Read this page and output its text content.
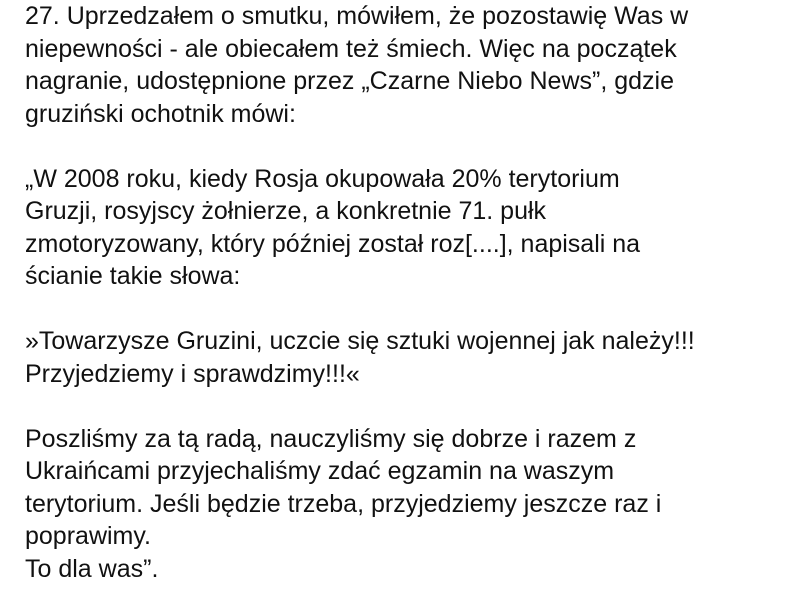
27. Uprzedzałem o smutku, mówiłem, że pozostawię Was w
niepewności - ale obiecałem też śmiech. Więc na początek
nagranie, udostępnione przez „Czarne Niebo News”, gdzie
gruziński ochotnik mówi:
„W 2008 roku, kiedy Rosja okupowała 20% terytorium
Gruzji, rosyjscy żołnierze, a konkretnie 71. pułk
zmotoryzowany, który później został roz[....], napisali na
ścianie takie słowa:
»Towarzysze Gruzini, uczcie się sztuki wojennej jak należy!!!
Przyjedziemy i sprawdzimy!!!«
Poszliśmy za tą radą, nauczyliśmy się dobrze i razem z
Ukraińcami przyjechaliśmy zdać egzamin na waszym
terytorium. Jeśli będzie trzeba, przyjedziemy jeszcze raz i
poprawimy.
To dla was”.
